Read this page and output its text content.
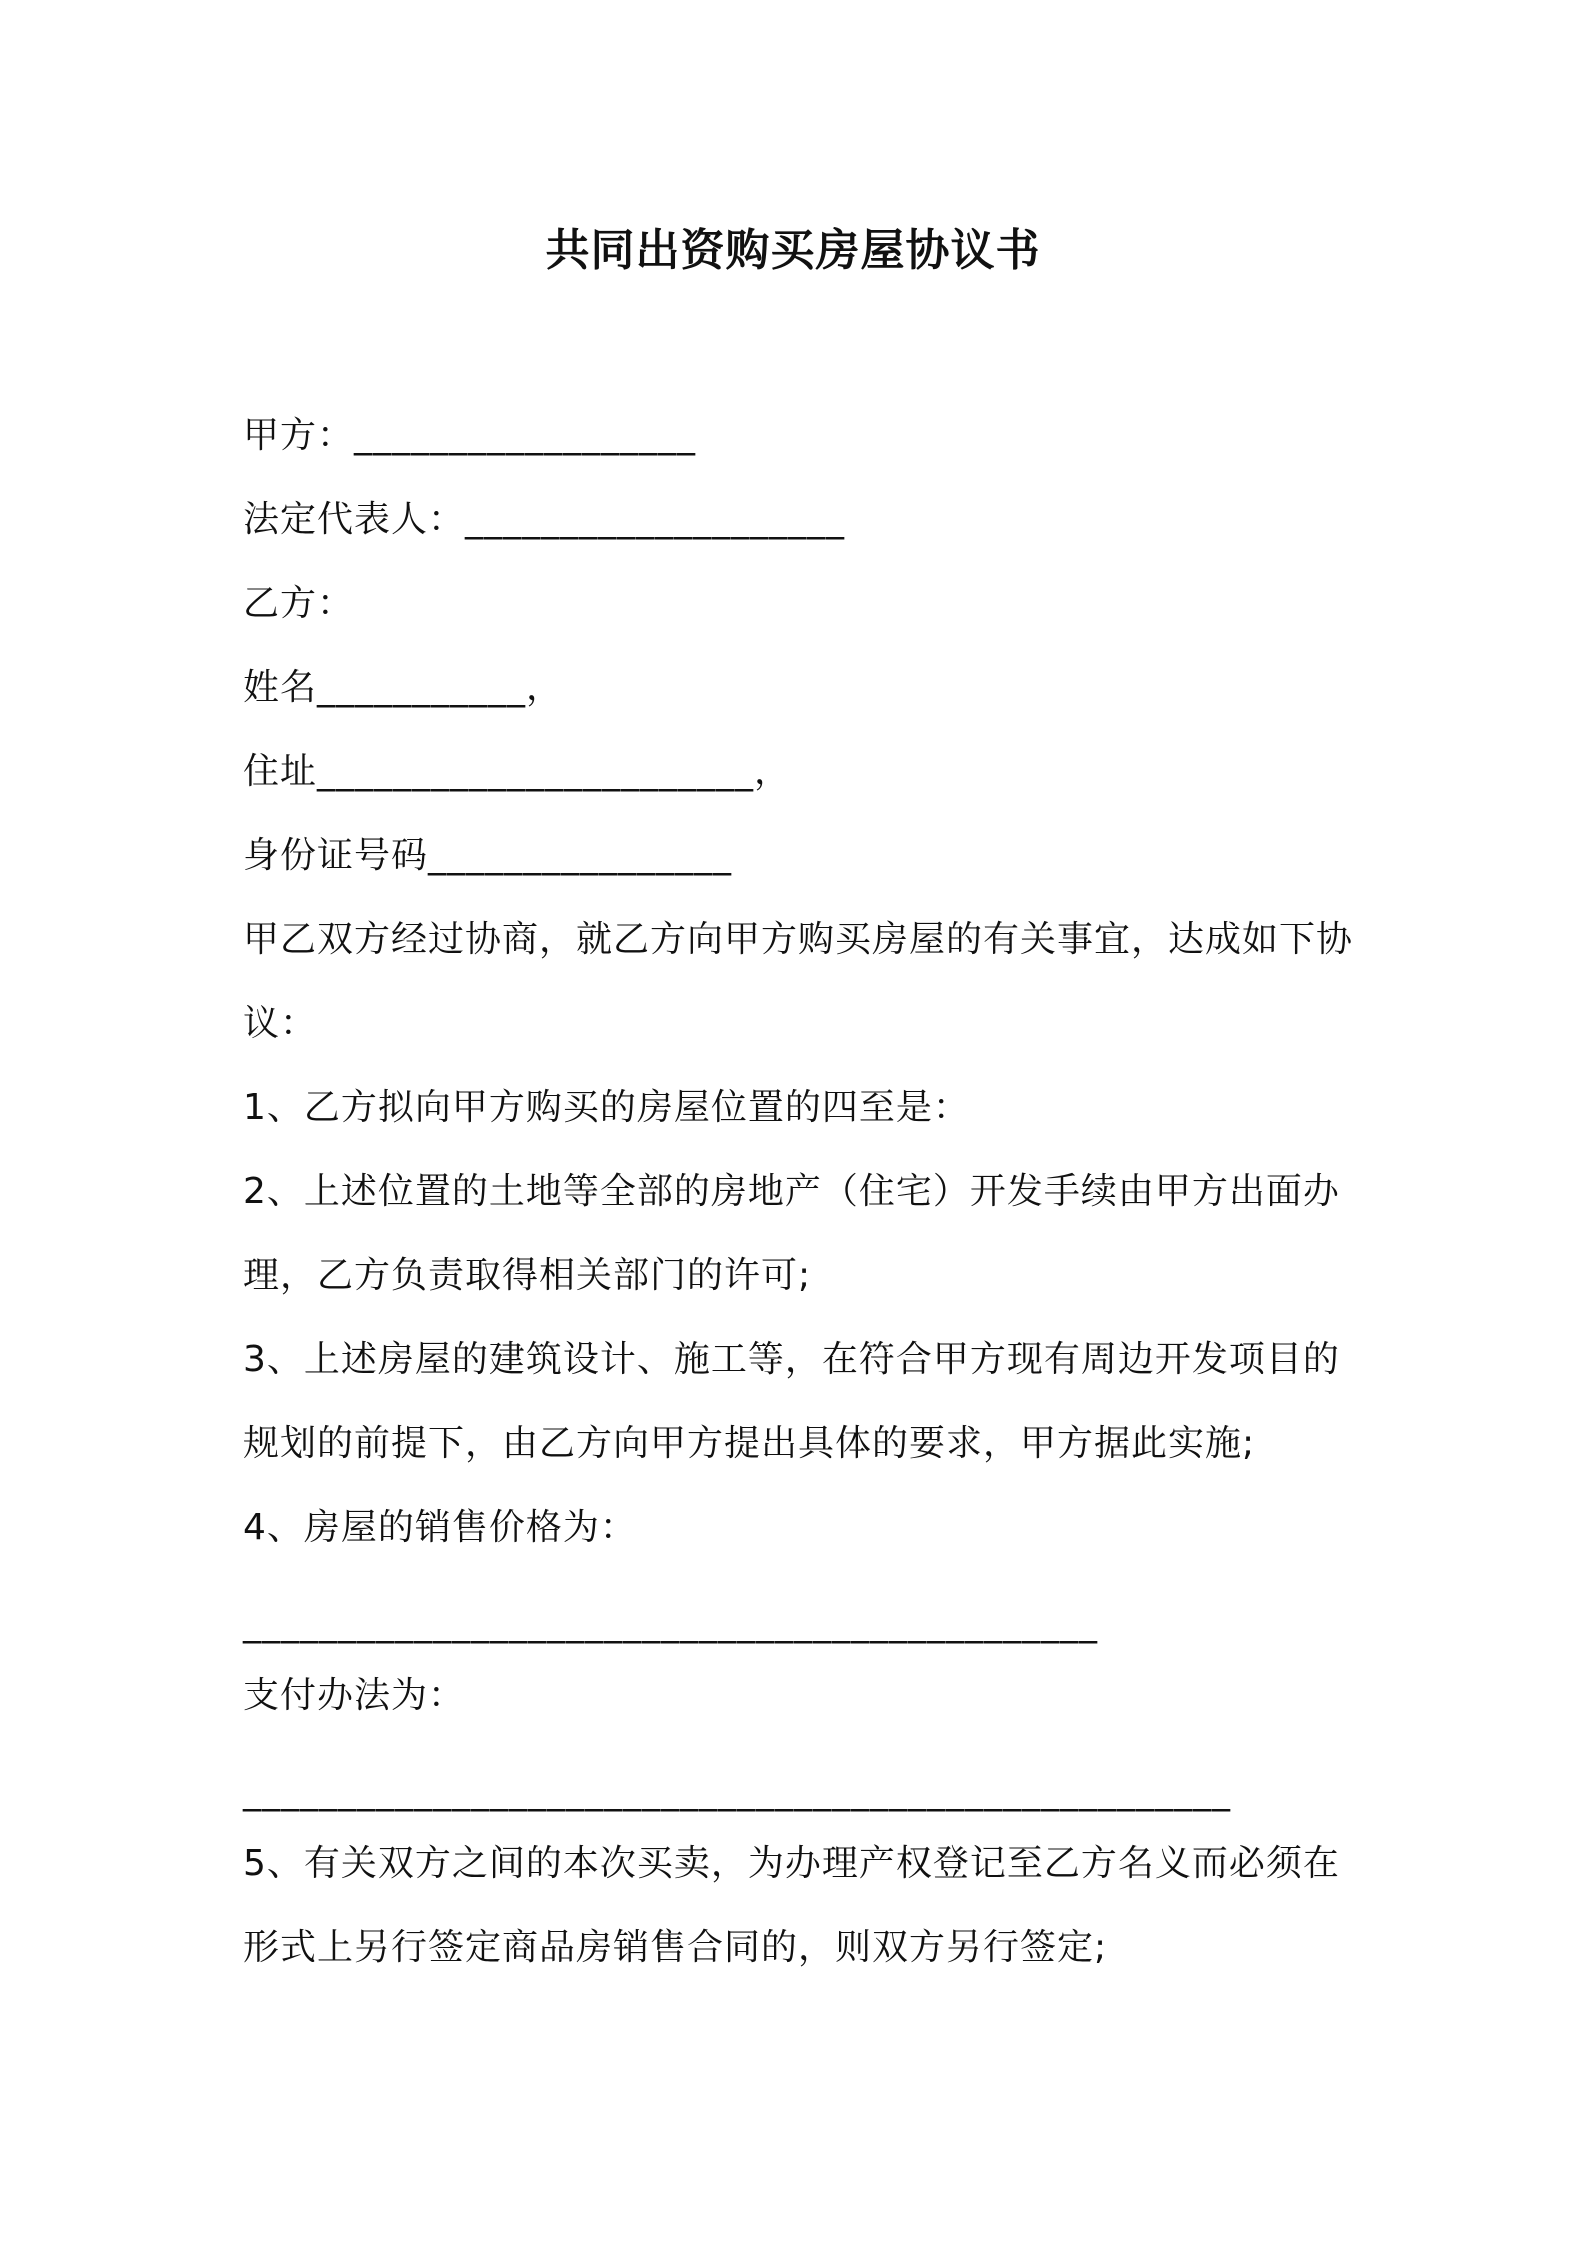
共同出资购买房屋协议书
甲方：__________________
法定代表人：____________________
乙方：
姓名___________，
住址_______________________，
身份证号码________________
甲乙双方经过协商，就乙方向甲方购买房屋的有关事宜，达成如下协
议：
1、乙方拟向甲方购买的房屋位置的四至是：
2、上述位置的土地等全部的房地产（住宅）开发手续由甲方出面办
理，乙方负责取得相关部门的许可;
3、上述房屋的建筑设计、施工等，在符合甲方现有周边开发项目的
规划的前提下，由乙方向甲方提出具体的要求，甲方据此实施;
4、房屋的销售价格为：
_____________________________________________
支付办法为：
____________________________________________________
5、有关双方之间的本次买卖，为办理产权登记至乙方名义而必须在
形式上另行签定商品房销售合同的，则双方另行签定;
